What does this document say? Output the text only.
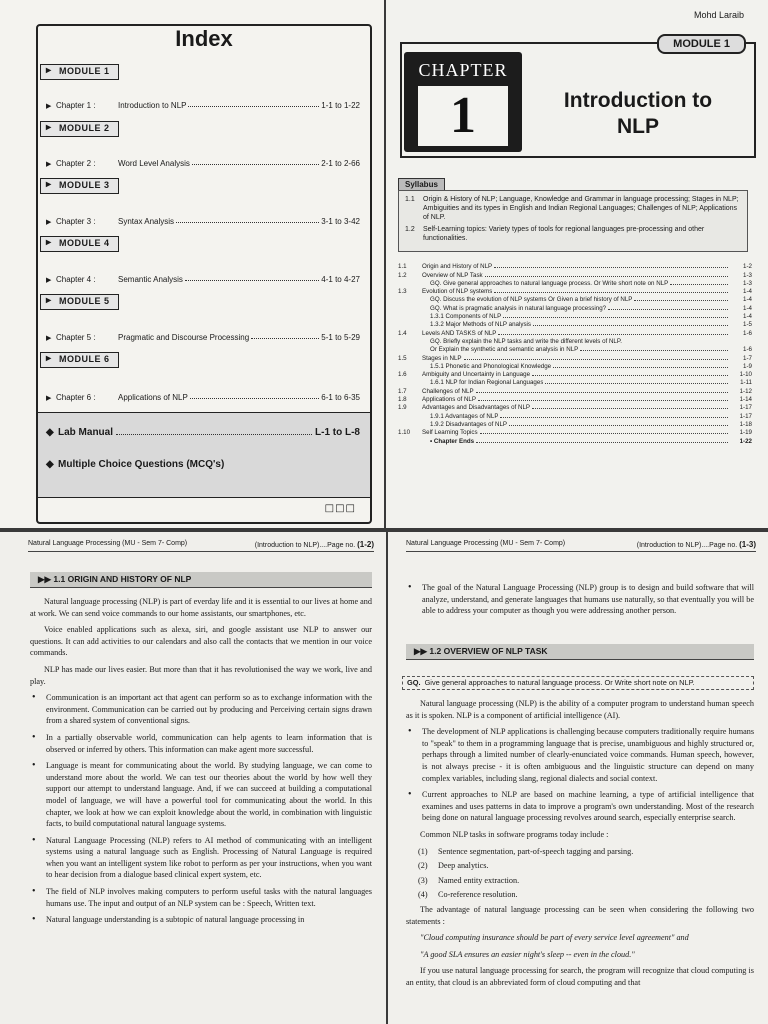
Index
▸ MODULE 1
▶ Chapter 1 :	Introduction to NLP	1-1 to 1-22
▸ MODULE 2
▶ Chapter 2 :	Word Level Analysis	2-1 to 2-66
▸ MODULE 3
▶ Chapter 3 :	Syntax Analysis	3-1 to 3-42
▸ MODULE 4
▶ Chapter 4 :	Semantic Analysis	4-1 to 4-27
▸ MODULE 5
▶ Chapter 5 :	Pragmatic and Discourse Processing	5-1 to 5-29
▸ MODULE 6
▶ Chapter 6 :	Applications of NLP	6-1 to 6-35
◆ Lab Manual	L-1 to L-8
◆ Multiple Choice Questions (MCQ's)
□□□
Mohd Laraib
MODULE 1
CHAPTER
1	Introduction to
NLP
Syllabus
1.1	Origin & History of NLP; Language, Knowledge and Grammar in language processing; Stages in NLP; Ambiguities and its types in English and Indian Regional Languages; Challenges of NLP; Applications of NLP.
1.2	Self-Learning topics: Variety types of tools for regional languages pre-processing and other functionalities.
1.1	Origin and History of NLP	1-2
1.2	Overview of NLP Task	1-3
GQ. Give general approaches to natural language process. Or Write short note on NLP	1-3
1.3	Evolution of NLP systems	1-4
GQ. Discuss the evolution of NLP systems Or Given a brief history of NLP	1-4
GQ. What is pragmatic analysis in natural language processing?	1-4
1.3.1 Components of NLP	1-4
1.3.2 Major Methods of NLP analysis	1-5
1.4	Levels AND TASKS of NLP	1-6
GQ. Briefly explain the NLP tasks and write the different levels of NLP.
Or Explain the synthetic and semantic analysis in NLP	1-6
1.5	Stages in NLP	1-7
1.5.1 Phonetic and Phonological Knowledge	1-9
1.6	Ambiguity and Uncertainty in Language	1-10
1.6.1 NLP for Indian Regional Languages	1-11
1.7	Challenges of NLP	1-12
1.8	Applications of NLP	1-14
1.9	Advantages and Disadvantages of NLP	1-17
1.9.1 Advantages of NLP	1-17
1.9.2 Disadvantages of NLP	1-18
1.10	Self Learning Topics	1-19
• Chapter Ends	1-22
Natural Language Processing (MU - Sem 7- Comp)	(Introduction to NLP)....Page no. (1-2)
▶▶ 1.1 ORIGIN AND HISTORY OF NLP

Natural language processing (NLP) is part of everday life and it is essential to our lives at home and at work. We can send voice commands to our home assistants, our smartphones, etc.

Voice enabled applications such as alexa, siri, and google assistant use NLP to answer our questions. It can add activities to our calendars and also call the contacts that we mention in our voice commands.

NLP has made our lives easier. But more than that it has revolutionised the way we work, live and play.

• Communication is an important act that agent can perform so as to exchange information with the environment. Communication can be carried out by producing and Perceiving certain signs drawn from a shared system of conventional signs.
• In a partially observable world, communication can help agents to learn information that is observed or inferred by others. This information can make agent more successful.
• Language is meant for communicating about the world. By studying language, we can come to understand more about the world. We can test our theories about the world by how well they support our attempt to understand language. And, if we can succeed at building a computational model of language, we will have a powerful tool for communicating about the world. In this chapter, we look at how we can exploit knowledge about the world, in combination with linguistic facts, to build computational natural language systems.
• Natural Language Processing (NLP) refers to AI method of communicating with an intelligent systems using a natural language such as English. Processing of Natural Language is required when you want an intelligent system like robot to perform as per your instructions, when you want to hear decision from a dialogue based clinical expert system, etc.
• The field of NLP involves making computers to perform useful tasks with the natural languages humans use. The input and output of an NLP system can be : Speech, Written text.
• Natural language understanding is a subtopic of natural language processing in
Natural Language Processing (MU - Sem 7- Comp)	(Introduction to NLP)....Page no. (1-3)
• The goal of the Natural Language Processing (NLP) group is to design and build software that will analyze, understand, and generate languages that humans use naturally, so that eventually you will be able to address your computer as though you were addressing another person.
▶▶ 1.2 OVERVIEW OF NLP TASK
GQ. Give general approaches to natural language process. Or Write short note on NLP.

Natural language processing (NLP) is the ability of a computer program to understand human speech as it is spoken. NLP is a component of artificial intelligence (AI).

• The development of NLP applications is challenging because computers traditionally require humans to "speak" to them in a programming language that is precise, unambiguous and highly structured or, perhaps through a limited number of clearly-enunciated voice commands. Human speech, however, is not always precise - it is often ambiguous and the linguistic structure can depend on many complex variables, including slang, regional dialects and social context.
• Current approaches to NLP are based on machine learning, a type of artificial intelligence that examines and uses patterns in data to improve a program's own understanding. Most of the research being done on natural language processing revolves around search, especially enterprise search.

Common NLP tasks in software programs today include :

(1)	Sentence segmentation, part-of-speech tagging and parsing.
(2)	Deep analytics.
(3)	Named entity extraction.
(4)	Co-reference resolution.

The advantage of natural language processing can be seen when considering the following two statements :

"Cloud computing insurance should be part of every service level agreement" and

"A good SLA ensures an easier night's sleep -- even in the cloud."

If you use natural language processing for search, the program will recognize that cloud computing is an entity, that cloud is an abbreviated form of cloud computing and that
